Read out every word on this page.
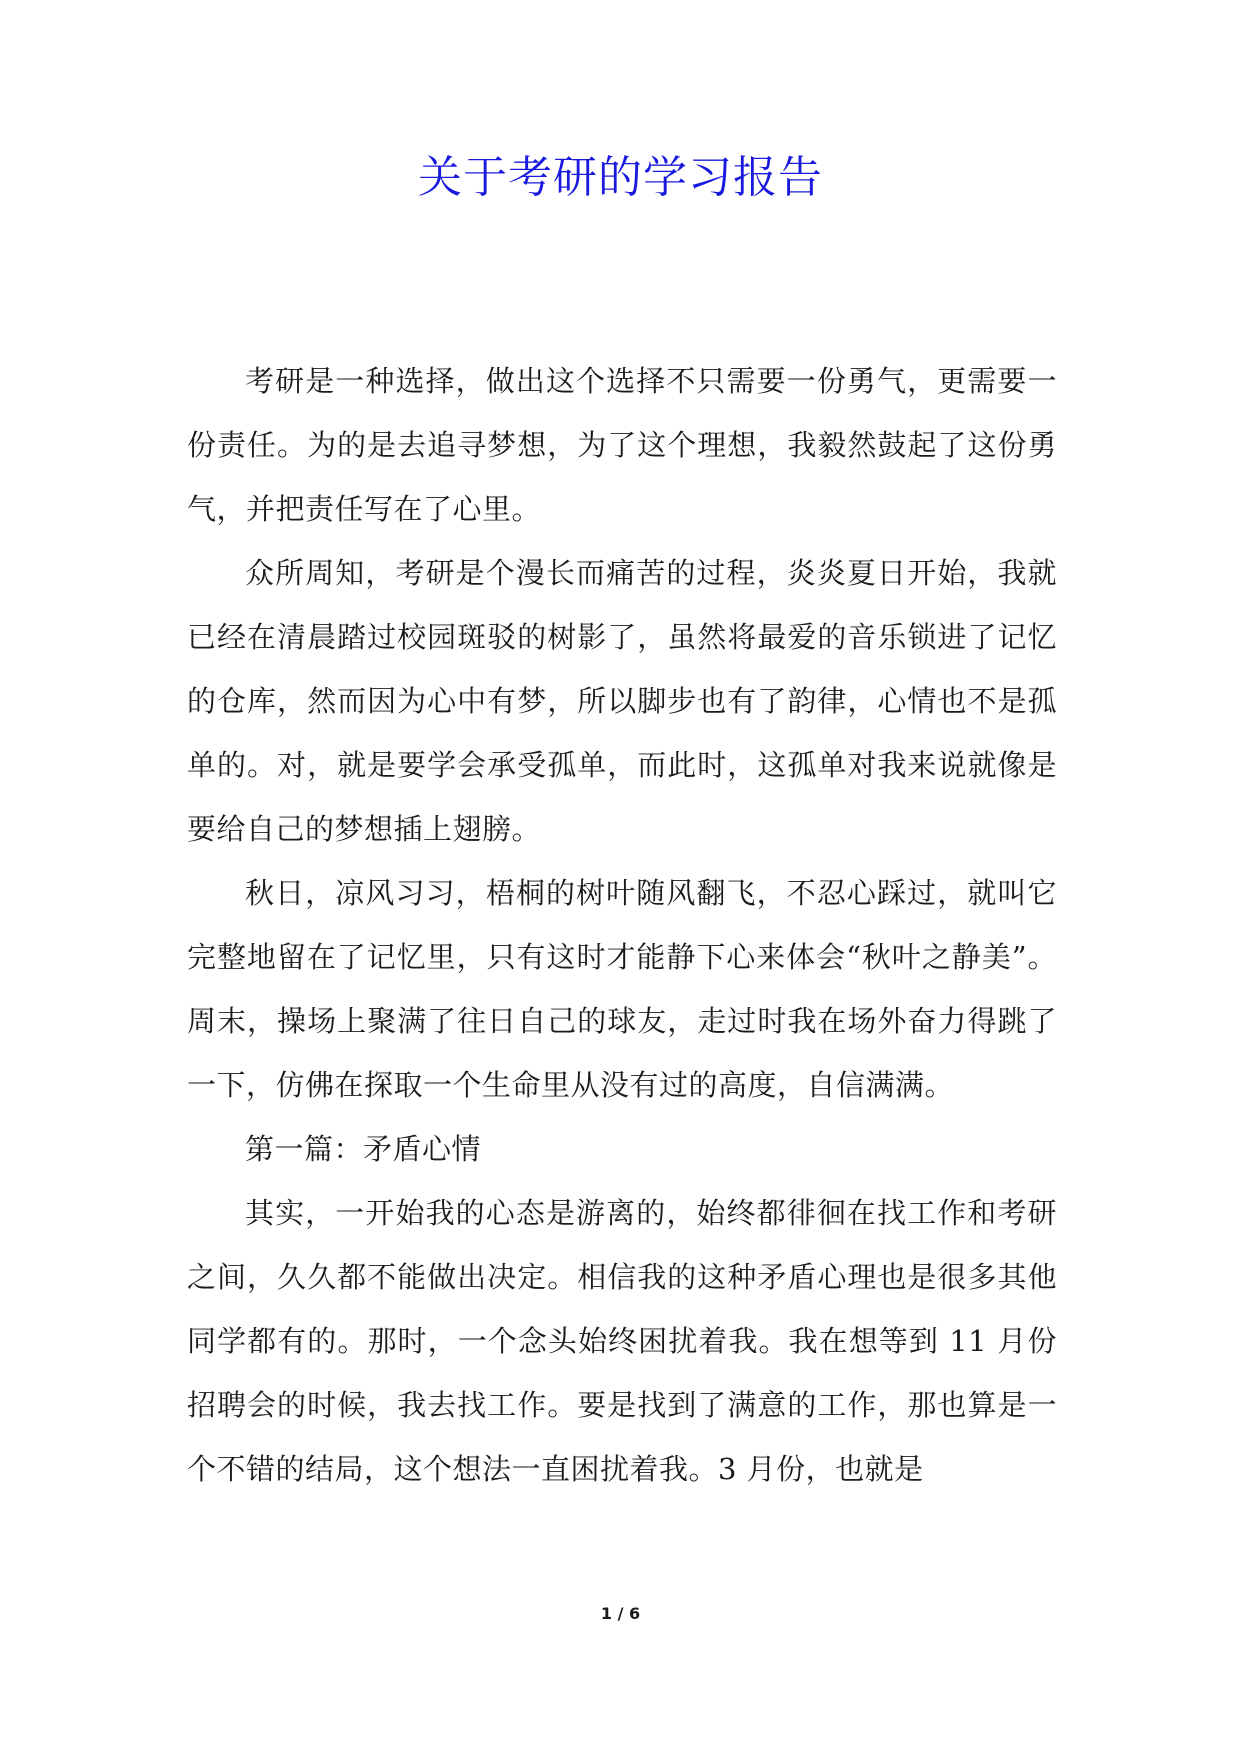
关于考研的学习报告

考研是一种选择，做出这个选择不只需要一份勇气，更需要一份责任。为的是去追寻梦想，为了这个理想，我毅然鼓起了这份勇气，并把责任写在了心里。

众所周知，考研是个漫长而痛苦的过程，炎炎夏日开始，我就已经在清晨踏过校园斑驳的树影了，虽然将最爱的音乐锁进了记忆的仓库，然而因为心中有梦，所以脚步也有了韵律，心情也不是孤单的。对，就是要学会承受孤单，而此时，这孤单对我来说就像是要给自己的梦想插上翅膀。

秋日，凉风习习，梧桐的树叶随风翻飞，不忍心踩过，就叫它完整地留在了记忆里，只有这时才能静下心来体会“秋叶之静美”。周末，操场上聚满了往日自己的球友，走过时我在场外奋力得跳了一下，仿佛在探取一个生命里从没有过的高度，自信满满。

第一篇：矛盾心情

其实，一开始我的心态是游离的，始终都徘徊在找工作和考研之间，久久都不能做出决定。相信我的这种矛盾心理也是很多其他同学都有的。那时，一个念头始终困扰着我。我在想等到 11 月份招聘会的时候，我去找工作。要是找到了满意的工作，那也算是一个不错的结局，这个想法一直困扰着我。3 月份，也就是

1 / 6
